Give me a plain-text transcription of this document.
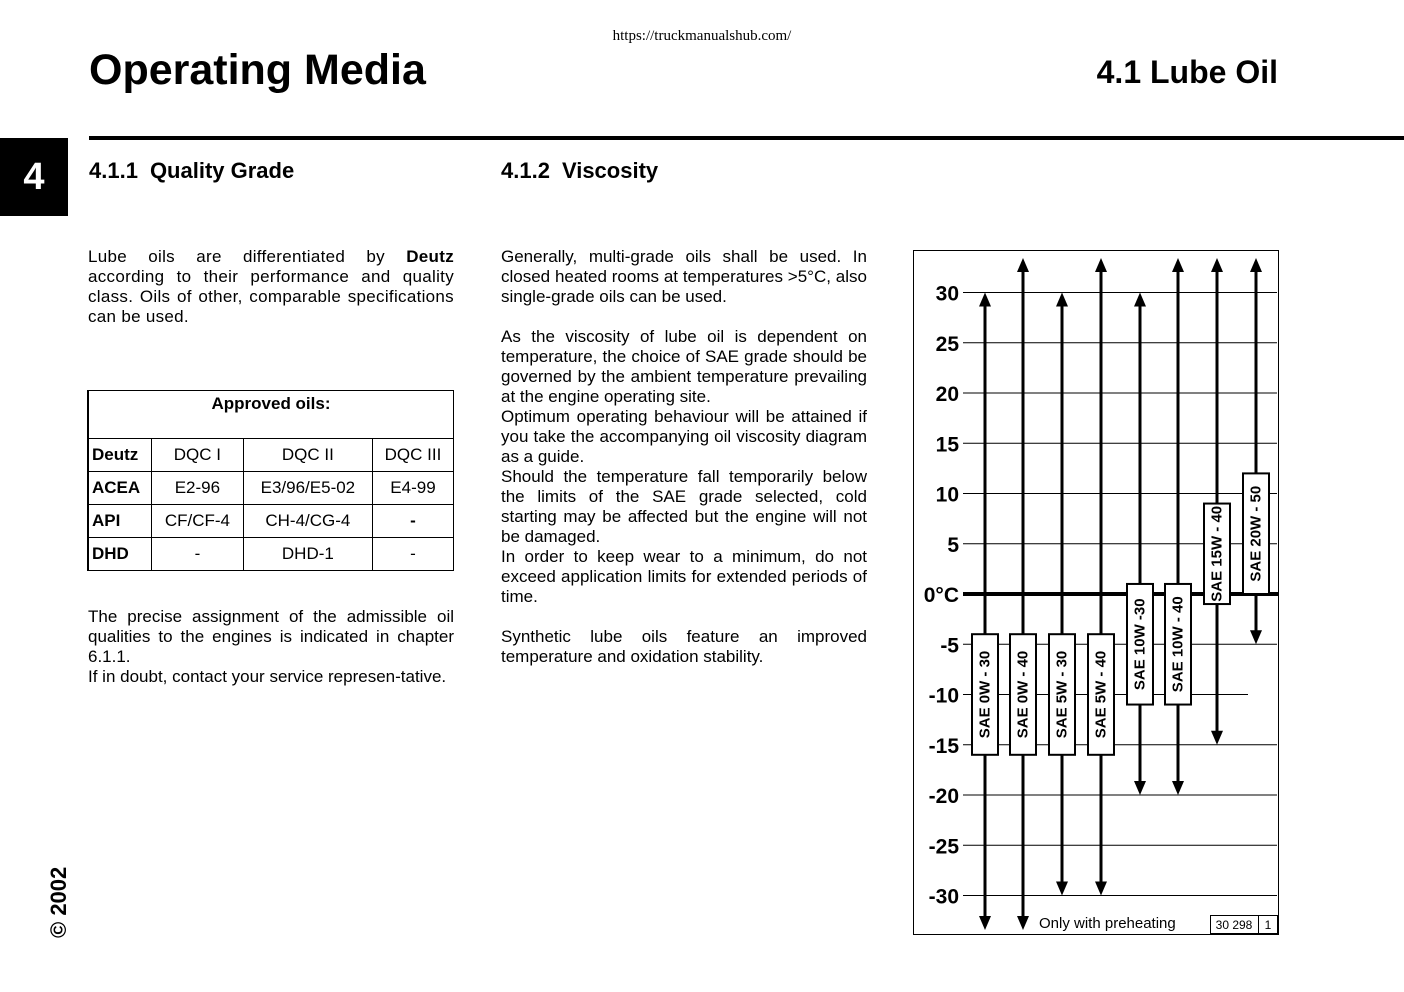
https://truckmanualshub.com/
Operating Media	4.1 Lube Oil
4	4.1.1 Quality Grade

Lube oils are differentiated by Deutz according to their performance and quality class. Oils of other, comparable specifications can be used.

Approved oils:			
Deutz	DQC I	DQC II	DQC III
ACEA	E2-96	E3/96/E5-02	E4-99
API	CF/CF-4	CH-4/CG-4	-
DHD	-	DHD-1	-

The precise assignment of the admissible oil qualities to the engines is indicated in chapter 6.1.1.

If in doubt, contact your service represen-tative.

4.1.2 Viscosity

Generally, multi-grade oils shall be used. In closed heated rooms at temperatures >5°C, also single-grade oils can be used.

As the viscosity of lube oil is dependent on temperature, the choice of SAE grade should be governed by the ambient temperature prevailing at the engine operating site.

Optimum operating behaviour will be attained if you take the accompanying oil viscosity diagram as a guide.

Should the temperature fall temporarily below the limits of the SAE grade selected, cold starting may be affected but the engine will not be damaged.

In order to keep wear to a minimum, do not exceed application limits for extended periods of time.

Synthetic lube oils feature an improved temperature and oxidation stability.

30
25
20
15
10
5
0°C
-5
-10
-15
-20
-25
-30
SAE 0W - 30 SAE 0W - 40 SAE 5W - 30 SAE 5W - 40
SAE 10W -30 SAE 10W - 40
SAE 15W - 40 SAE 20W - 50
Only with preheating	30 298 1
© 2002
